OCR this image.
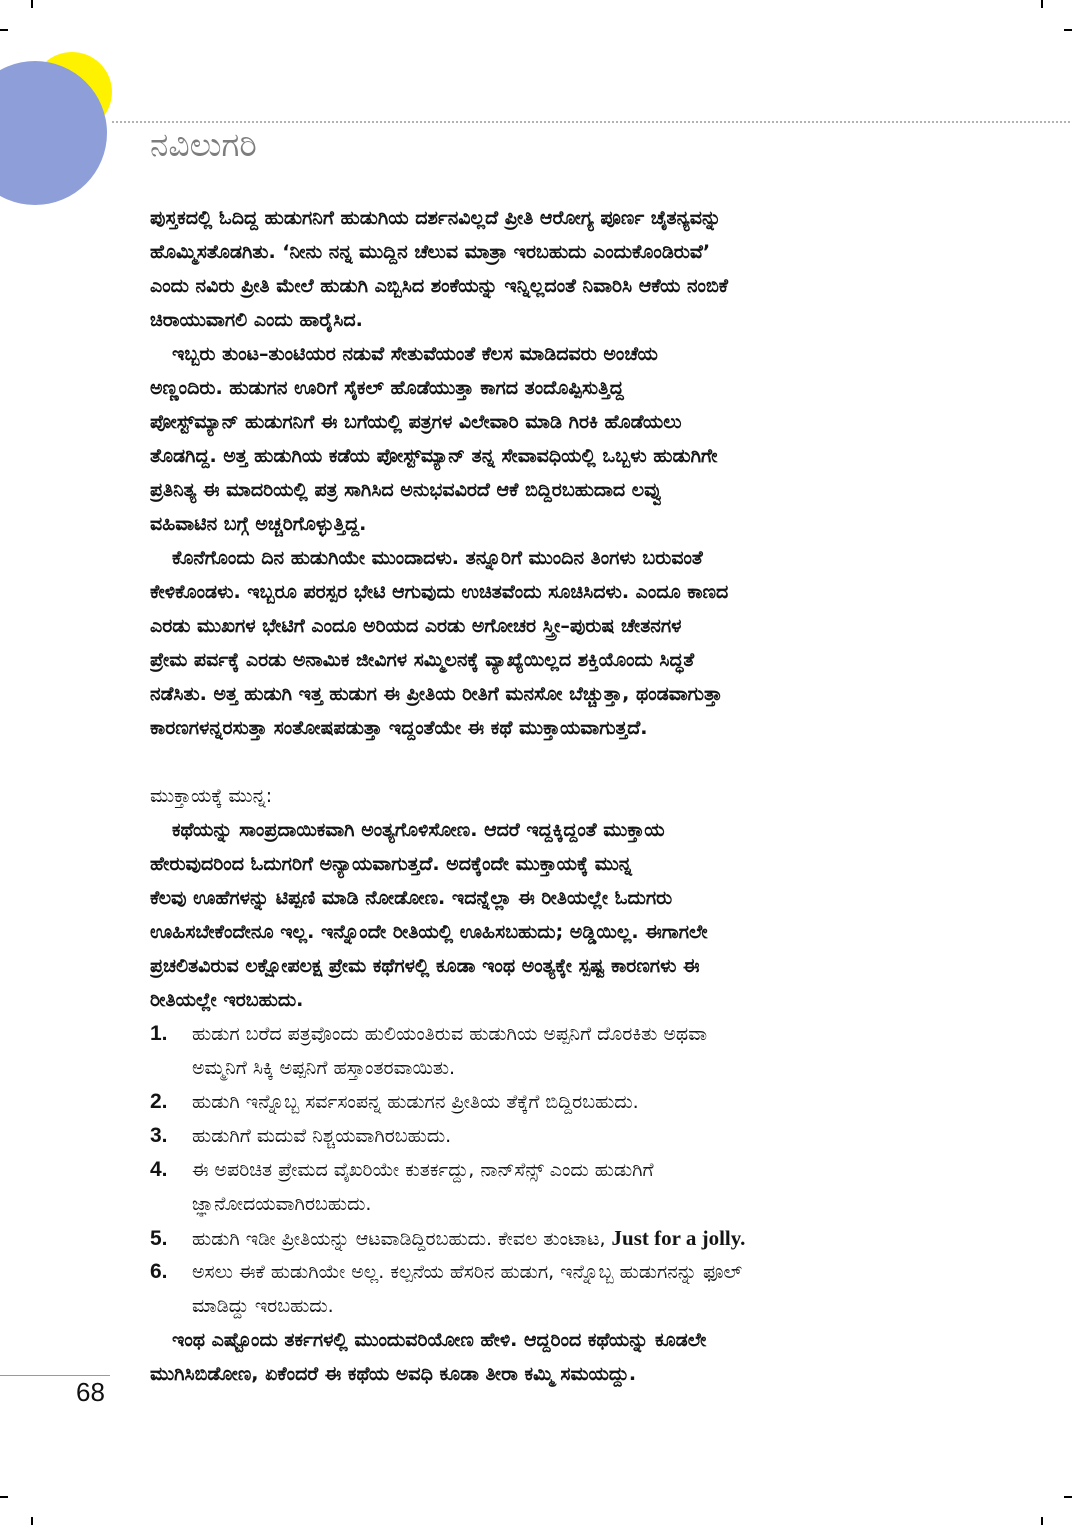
ನವಿಲುಗರಿ
ಪುಸ್ತಕದಲ್ಲಿ ಓದಿದ್ದ ಹುಡುಗನಿಗೆ ಹುಡುಗಿಯ ದರ್ಶನವಿಲ್ಲದೆ ಪ್ರೀತಿ ಆರೋಗ್ಯ ಪೂರ್ಣ ಚೈತನ್ಯವನ್ನು
ಹೊಮ್ಮಿಸತೊಡಗಿತು. ‘ನೀನು ನನ್ನ ಮುದ್ದಿನ ಚೆಲುವ ಮಾತ್ರಾ ಇರಬಹುದು ಎಂದುಕೊಂಡಿರುವೆ’
ಎಂದು ನವಿರು ಪ್ರೀತಿ ಮೇಲೆ ಹುಡುಗಿ ಎಬ್ಬಿಸಿದ ಶಂಕೆಯನ್ನು ಇನ್ನಿಲ್ಲದಂತೆ ನಿವಾರಿಸಿ ಆಕೆಯ ನಂಬಿಕೆ
ಚಿರಾಯುವಾಗಲಿ ಎಂದು ಹಾರೈಸಿದ.
ಇಬ್ಬರು ತುಂಟ–ತುಂಟಿಯರ ನಡುವೆ ಸೇತುವೆಯಂತೆ ಕೆಲಸ ಮಾಡಿದವರು ಅಂಚೆಯ
ಅಣ್ಣಂದಿರು. ಹುಡುಗನ ಊರಿಗೆ ಸೈಕಲ್ ಹೊಡೆಯುತ್ತಾ ಕಾಗದ ತಂದೊಪ್ಪಿಸುತ್ತಿದ್ದ
ಪೋಸ್ಟ್‌ಮ್ಯಾನ್ ಹುಡುಗನಿಗೆ ಈ ಬಗೆಯಲ್ಲಿ ಪತ್ರಗಳ ವಿಲೇವಾರಿ ಮಾಡಿ ಗಿರಕಿ ಹೊಡೆಯಲು
ತೊಡಗಿದ್ದ. ಅತ್ತ ಹುಡುಗಿಯ ಕಡೆಯ ಪೋಸ್ಟ್‌ಮ್ಯಾನ್ ತನ್ನ ಸೇವಾವಧಿಯಲ್ಲಿ ಒಬ್ಬಳು ಹುಡುಗಿಗೇ
ಪ್ರತಿನಿತ್ಯ ಈ ಮಾದರಿಯಲ್ಲಿ ಪತ್ರ ಸಾಗಿಸಿದ ಅನುಭವವಿರದೆ ಆಕೆ ಬಿದ್ದಿರಬಹುದಾದ ಲವ್ವು
ವಹಿವಾಟಿನ ಬಗ್ಗೆ ಅಚ್ಚರಿಗೊಳ್ಳುತ್ತಿದ್ದ.
ಕೊನೆಗೊಂದು ದಿನ ಹುಡುಗಿಯೇ ಮುಂದಾದಳು. ತನ್ನೂರಿಗೆ ಮುಂದಿನ ತಿಂಗಳು ಬರುವಂತೆ
ಕೇಳಿಕೊಂಡಳು. ಇಬ್ಬರೂ ಪರಸ್ಪರ ಭೇಟಿ ಆಗುವುದು ಉಚಿತವೆಂದು ಸೂಚಿಸಿದಳು. ಎಂದೂ ಕಾಣದ
ಎರಡು ಮುಖಗಳ ಭೇಟಿಗೆ ಎಂದೂ ಅರಿಯದ ಎರಡು ಅಗೋಚರ ಸ್ತ್ರೀ–ಪುರುಷ ಚೇತನಗಳ
ಪ್ರೇಮ ಪರ್ವಕ್ಕೆ ಎರಡು ಅನಾಮಿಕ ಜೀವಿಗಳ ಸಮ್ಮಿಲನಕ್ಕೆ ವ್ಯಾಖ್ಯೆಯಿಲ್ಲದ ಶಕ್ತಿಯೊಂದು ಸಿದ್ಧತೆ
ನಡೆಸಿತು. ಅತ್ತ ಹುಡುಗಿ ಇತ್ತ ಹುಡುಗ ಈ ಪ್ರೀತಿಯ ರೀತಿಗೆ ಮನಸೋ ಬೆಚ್ಚುತ್ತಾ, ಥಂಡವಾಗುತ್ತಾ
ಕಾರಣಗಳನ್ನರಸುತ್ತಾ ಸಂತೋಷಪಡುತ್ತಾ ಇದ್ದಂತೆಯೇ ಈ ಕಥೆ ಮುಕ್ತಾಯವಾಗುತ್ತದೆ.
ಮುಕ್ತಾಯಕ್ಕೆ ಮುನ್ನ:
ಕಥೆಯನ್ನು ಸಾಂಪ್ರದಾಯಿಕವಾಗಿ ಅಂತ್ಯಗೊಳಿಸೋಣ. ಆದರೆ ಇದ್ದಕ್ಕಿದ್ದಂತೆ ಮುಕ್ತಾಯ
ಹೇರುವುದರಿಂದ ಓದುಗರಿಗೆ ಅನ್ಯಾಯವಾಗುತ್ತದೆ. ಅದಕ್ಕೆಂದೇ ಮುಕ್ತಾಯಕ್ಕೆ ಮುನ್ನ
ಕೆಲವು ಊಹೆಗಳನ್ನು ಟಿಪ್ಪಣಿ ಮಾಡಿ ನೋಡೋಣ. ಇದನ್ನೆಲ್ಲಾ ಈ ರೀತಿಯಲ್ಲೇ ಓದುಗರು
ಊಹಿಸಬೇಕೆಂದೇನೂ ಇಲ್ಲ. ಇನ್ನೊಂದೇ ರೀತಿಯಲ್ಲಿ ಊಹಿಸಬಹುದು; ಅಡ್ಡಿಯಿಲ್ಲ. ಈಗಾಗಲೇ
ಪ್ರಚಲಿತವಿರುವ ಲಕ್ಷೋಪಲಕ್ಷ ಪ್ರೇಮ ಕಥೆಗಳಲ್ಲಿ ಕೂಡಾ ಇಂಥ ಅಂತ್ಯಕ್ಕೇ ಸ್ಪಷ್ಟ ಕಾರಣಗಳು ಈ
ರೀತಿಯಲ್ಲೇ ಇರಬಹುದು.
1. ಹುಡುಗ ಬರೆದ ಪತ್ರವೊಂದು ಹುಲಿಯಂತಿರುವ ಹುಡುಗಿಯ ಅಪ್ಪನಿಗೆ ದೊರಕಿತು ಅಥವಾ
ಅಮ್ಮನಿಗೆ ಸಿಕ್ಕಿ ಅಪ್ಪನಿಗೆ ಹಸ್ತಾಂತರವಾಯಿತು.
2. ಹುಡುಗಿ ಇನ್ನೊಬ್ಬ ಸರ್ವಸಂಪನ್ನ ಹುಡುಗನ ಪ್ರೀತಿಯ ತೆಕ್ಕೆಗೆ ಬಿದ್ದಿರಬಹುದು.
3. ಹುಡುಗಿಗೆ ಮದುವೆ ನಿಶ್ಚಯವಾಗಿರಬಹುದು.
4. ಈ ಅಪರಿಚಿತ ಪ್ರೇಮದ ವೈಖರಿಯೇ ಕುತರ್ಕದ್ದು, ನಾನ್‌ಸೆನ್ಸ್ ಎಂದು ಹುಡುಗಿಗೆ
ಜ್ಞಾನೋದಯವಾಗಿರಬಹುದು.
5. ಹುಡುಗಿ ಇಡೀ ಪ್ರೀತಿಯನ್ನು ಆಟವಾಡಿದ್ದಿರಬಹುದು. ಕೇವಲ ತುಂಟಾಟ, Just for a jolly.
6. ಅಸಲು ಈಕೆ ಹುಡುಗಿಯೇ ಅಲ್ಲ. ಕಲ್ಪನೆಯ ಹೆಸರಿನ ಹುಡುಗ, ಇನ್ನೊಬ್ಬ ಹುಡುಗನನ್ನು ಫೂಲ್
ಮಾಡಿದ್ದು ಇರಬಹುದು.
ಇಂಥ ಎಷ್ಟೊಂದು ತರ್ಕಗಳಲ್ಲಿ ಮುಂದುವರಿಯೋಣ ಹೇಳಿ. ಆದ್ದರಿಂದ ಕಥೆಯನ್ನು ಕೂಡಲೇ
ಮುಗಿಸಿಬಿಡೋಣ, ಏಕೆಂದರೆ ಈ ಕಥೆಯ ಅವಧಿ ಕೂಡಾ ತೀರಾ ಕಮ್ಮಿ ಸಮಯದ್ದು.
68
